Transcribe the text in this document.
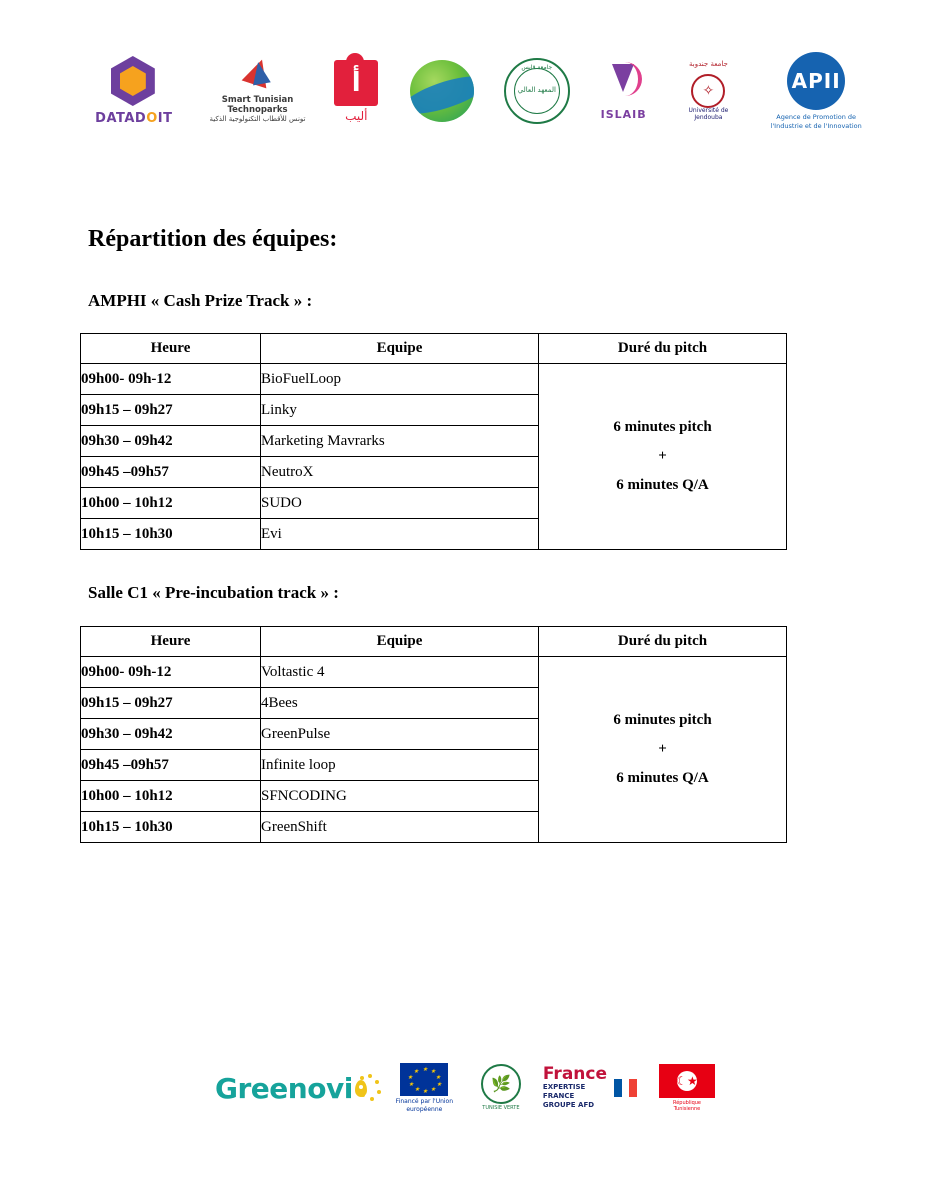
DATADOIT
Smart Tunisian Technoparks
تونس للأقطاب التكنولوجية الذكية
ﺃ
أليب
جامعة قابس
المعهد العالي
ISLAIB
جامعة جندوبة
✧
Université de Jendouba
APII
Agence de Promotion de l'Industrie et de l'Innovation
Répartition des équipes:
AMPHI « Cash Prize Track » :
Heure	Equipe	Duré du pitch
09h00- 09h-12	BioFuelLoop	6 minutes pitch
+
6 minutes Q/A

09h15 – 09h27	Linky	
09h30 – 09h42	Marketing Mavrarks	
09h45 –09h57	NeutroX	
10h00 – 10h12	SUDO	
10h15 – 10h30	Evi	
Salle C1 « Pre-incubation track » :
Heure	Equipe	Duré du pitch
09h00- 09h-12	Voltastic 4	6 minutes pitch
+
6 minutes Q/A

09h15 – 09h27	4Bees	
09h30 – 09h42	GreenPulse	
09h45 –09h57	Infinite loop	
10h00 – 10h12	SFNCODING	
10h15 – 10h30	GreenShift	
Greenovi
★ ★
★
★
★
★
★
★
★
★
Financé par l'Union européenne
🌿
TUNISIE VERTE
France
EXPERTISE FRANCE
GROUPE AFD
☾★
République Tunisienne
